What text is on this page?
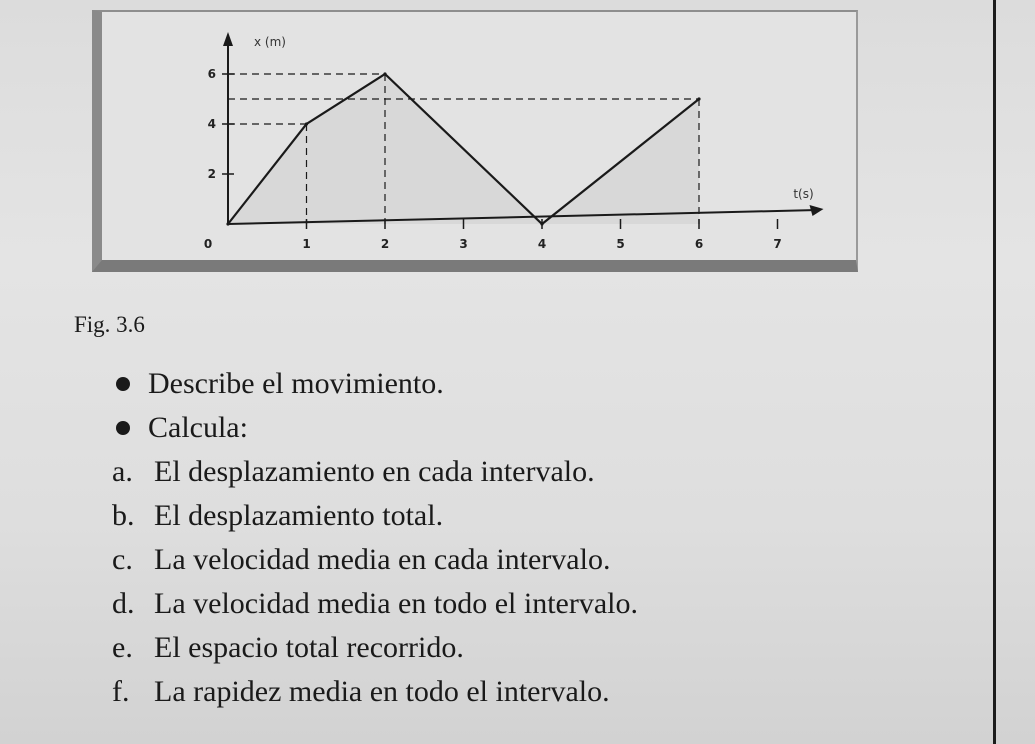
0	1	2	3	4	5	6	7
2
4
6
t(s)
x (m)
Fig. 3.6
Describe el movimiento.
Calcula:
a. El desplazamiento en cada intervalo.
b. El desplazamiento total.
c. La velocidad media en cada intervalo.
d. La velocidad media en todo el intervalo.
e. El espacio total recorrido.
f. La rapidez media en todo el intervalo.
